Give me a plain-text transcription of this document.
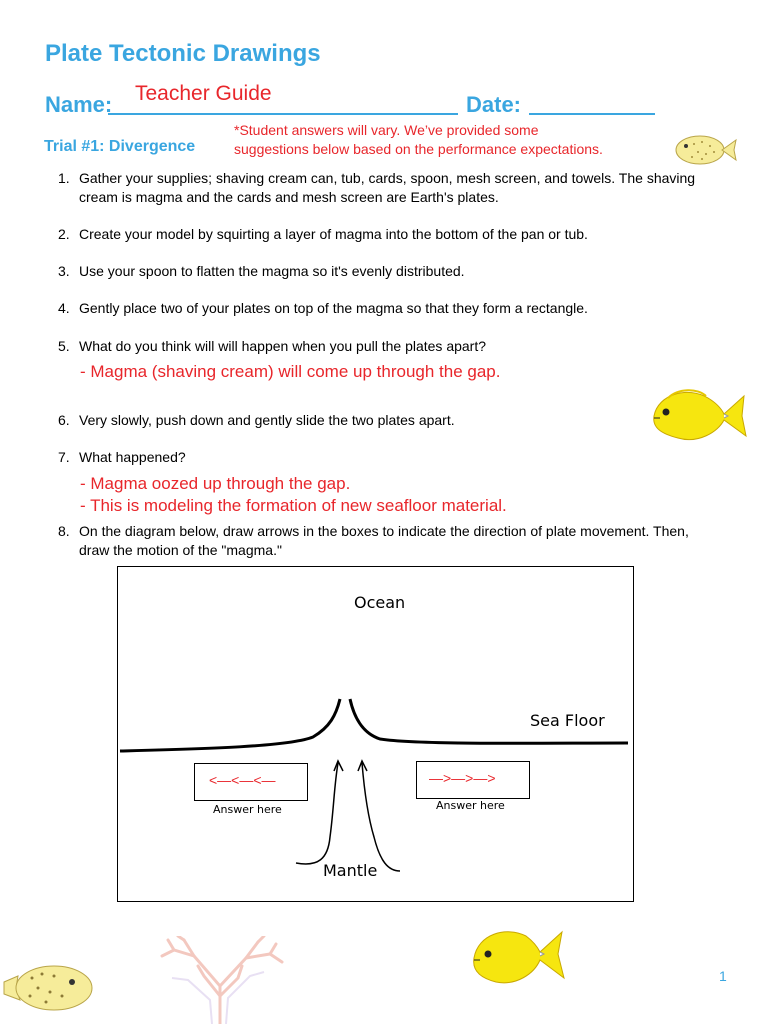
Plate Tectonic Drawings
Name: Teacher Guide	Date:
Trial #1: Divergence
*Student answers will vary. We’ve provided some
suggestions below based on the performance expectations.
1. Gather your supplies; shaving cream can, tub, cards, spoon, mesh screen, and towels. The shaving cream is magma and the cards and mesh screen are Earth's plates.
2. Create your model by squirting a layer of magma into the bottom of the pan or tub.
3. Use your spoon to flatten the magma so it's evenly distributed.
4. Gently place two of your plates on top of the magma so that they form a rectangle.
5. What do you think will will happen when you pull the plates apart?
- Magma (shaving cream) will come up through the gap.
6. Very slowly, push down and gently slide the two plates apart.
7. What happened?
- Magma oozed up through the gap.
- This is modeling the formation of new seafloor material.
8. On the diagram below, draw arrows in the boxes to indicate the direction of plate movement. Then, draw the motion of the "magma."
Ocean
Sea Floor
Mantle
<—<—<—
Answer here
—>—>—>
Answer here
1
